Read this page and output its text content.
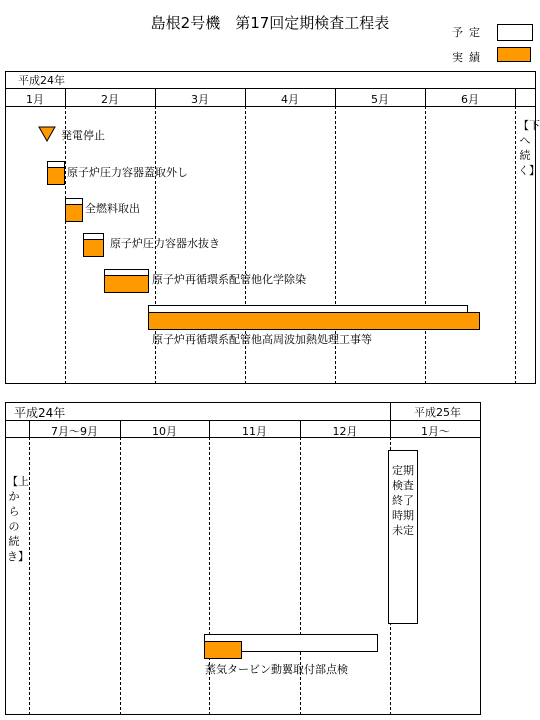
島根2号機　第17回定期検査工程表
予定
実績
平成24年
1月	2月	3月	4月	5月	6月
【下へ続く】
発電停止
原子炉圧力容器蓋取外し
全燃料取出
原子炉圧力容器水抜き
原子炉再循環系配管他化学除染
原子炉再循環系配管他高周波加熱処理工事等
平成24年	平成25年
7月～9月	10月	11月	12月	1月～
【上からの続き】
定期検査終了時期未定
蒸気タービン動翼取付部点検
